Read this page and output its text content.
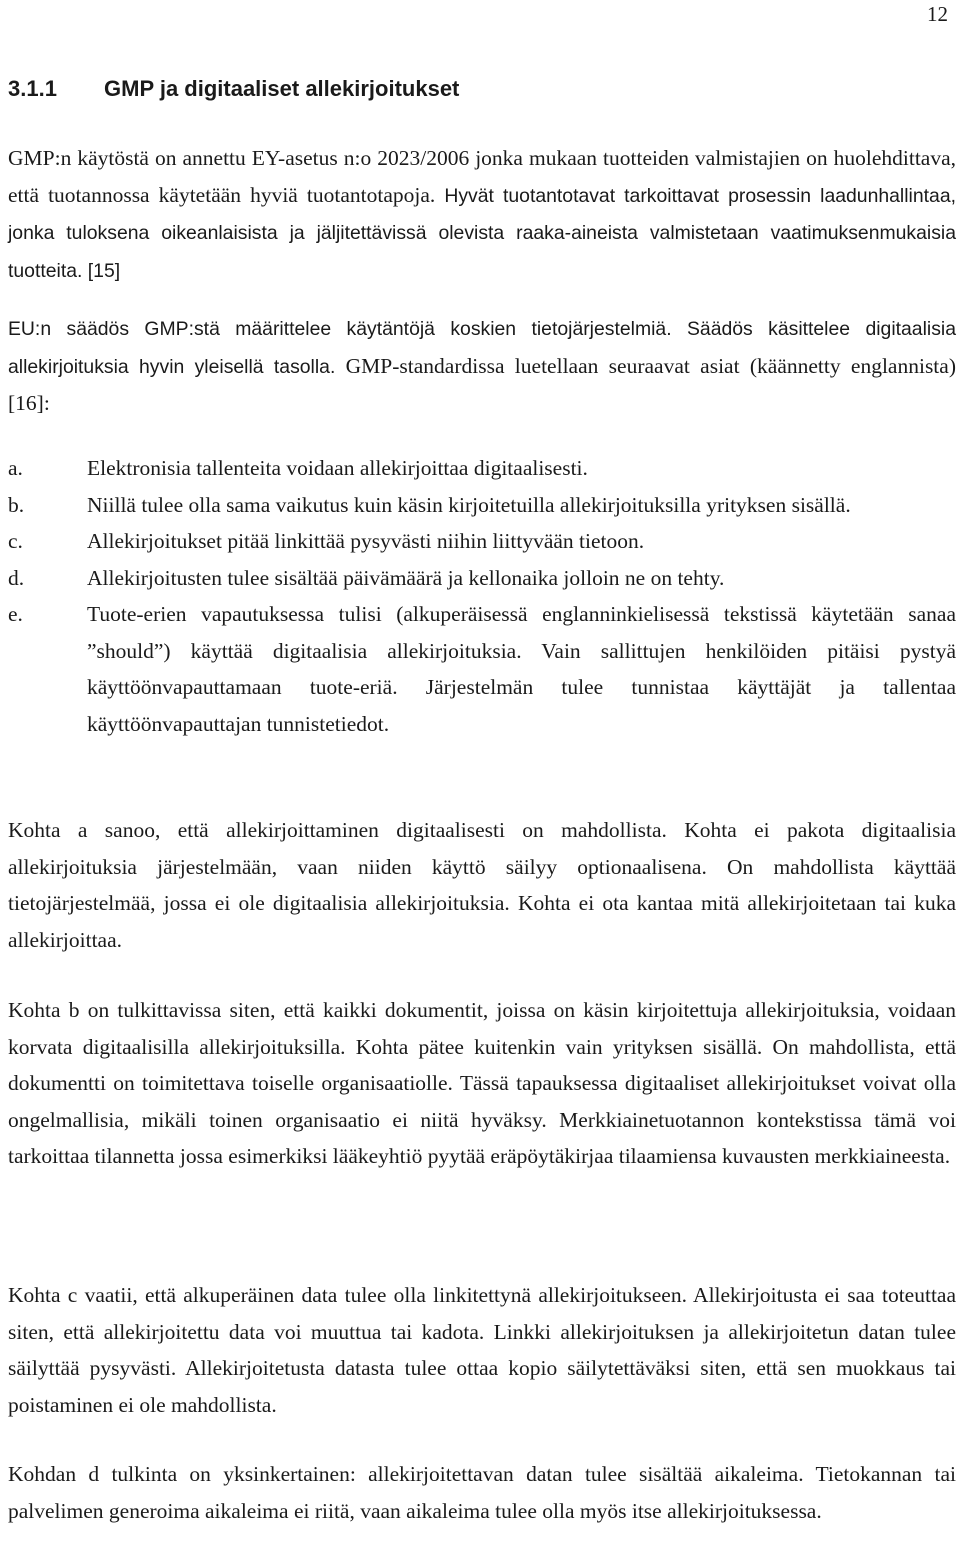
12
3.1.1 GMP ja digitaaliset allekirjoitukset

GMP:n käytöstä on annettu EY-asetus n:o 2023/2006 jonka mukaan tuotteiden valmistajien on huolehdittava, että tuotannossa käytetään hyviä tuotantotapoja. Hyvät tuotantotavat tarkoittavat prosessin laadunhallintaa, jonka tuloksena oikeanlaisista ja jäljitettävissä olevista raaka-aineista valmistetaan vaatimuksenmukaisia tuotteita. [15]

EU:n säädös GMP:stä määrittelee käytäntöjä koskien tietojärjestelmiä. Säädös käsittelee digitaalisia allekirjoituksia hyvin yleisellä tasolla. GMP-standardissa luetellaan seuraavat asiat (käännetty englannista) [16]:

a.	Elektronisia tallenteita voidaan allekirjoittaa digitaalisesti.
b.	Niillä tulee olla sama vaikutus kuin käsin kirjoitetuilla allekirjoituksilla yrityksen sisällä.
c.	Allekirjoitukset pitää linkittää pysyvästi niihin liittyvään tietoon.
d.	Allekirjoitusten tulee sisältää päivämäärä ja kellonaika jolloin ne on tehty.
e.	Tuote-erien vapautuksessa tulisi (alkuperäisessä englanninkielisessä tekstissä käytetään sanaa ”should”) käyttää digitaalisia allekirjoituksia. Vain sallittujen henkilöiden pitäisi pystyä käyttöönvapauttamaan tuote-eriä. Järjestelmän tulee tunnistaa käyttäjät ja tallentaa käyttöönvapauttajan tunnistetiedot.

Kohta a sanoo, että allekirjoittaminen digitaalisesti on mahdollista. Kohta ei pakota digitaalisia allekirjoituksia järjestelmään, vaan niiden käyttö säilyy optionaalisena. On mahdollista käyttää tietojärjestelmää, jossa ei ole digitaalisia allekirjoituksia. Kohta ei ota kantaa mitä allekirjoitetaan tai kuka allekirjoittaa.

Kohta b on tulkittavissa siten, että kaikki dokumentit, joissa on käsin kirjoitettuja allekirjoituksia, voidaan korvata digitaalisilla allekirjoituksilla. Kohta pätee kuitenkin vain yrityksen sisällä. On mahdollista, että dokumentti on toimitettava toiselle organisaatiolle. Tässä tapauksessa digitaaliset allekirjoitukset voivat olla ongelmallisia, mikäli toinen organisaatio ei niitä hyväksy. Merkkiainetuotannon kontekstissa tämä voi tarkoittaa tilannetta jossa esimerkiksi lääkeyhtiö pyytää eräpöytäkirjaa tilaamiensa kuvausten merkkiaineesta.

Kohta c vaatii, että alkuperäinen data tulee olla linkitettynä allekirjoitukseen. Allekirjoitusta ei saa toteuttaa siten, että allekirjoitettu data voi muuttua tai kadota. Linkki allekirjoituksen ja allekirjoitetun datan tulee säilyttää pysyvästi. Allekirjoitetusta datasta tulee ottaa kopio säilytettäväksi siten, että sen muokkaus tai poistaminen ei ole mahdollista.

Kohdan d tulkinta on yksinkertainen: allekirjoitettavan datan tulee sisältää aikaleima. Tietokannan tai palvelimen generoima aikaleima ei riitä, vaan aikaleima tulee olla myös itse allekirjoituksessa.
